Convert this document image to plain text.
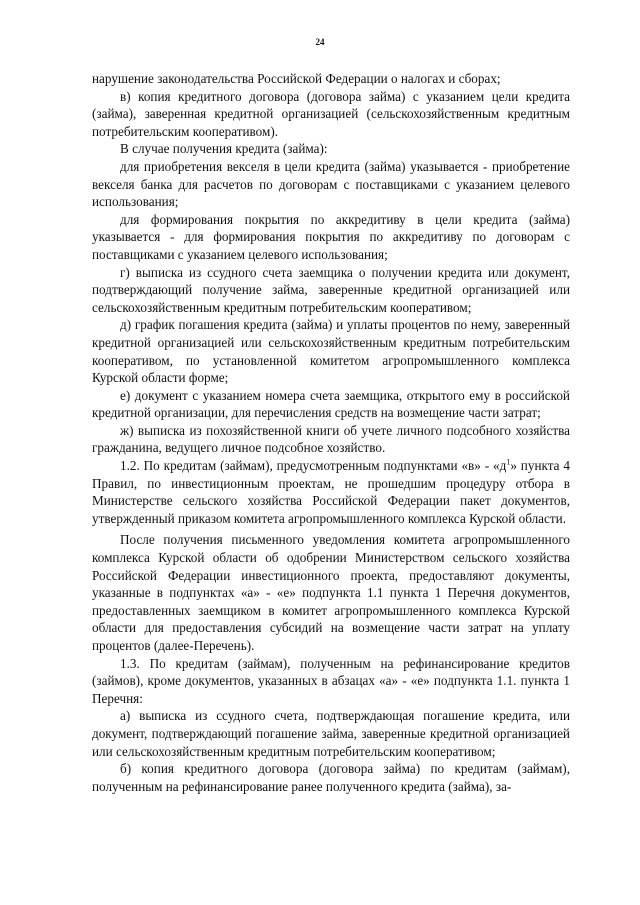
24

нарушение законодательства Российской Федерации о налогах и сборах;

в) копия кредитного договора (договора займа) с указанием цели кредита (займа), заверенная кредитной организацией (сельскохозяйственным кредитным потребительским кооперативом).

В случае получения кредита (займа):

для приобретения векселя в цели кредита (займа) указывается - приобретение векселя банка для расчетов по договорам с поставщиками с указанием целевого использования;

для формирования покрытия по аккредитиву в цели кредита (займа) указывается - для формирования покрытия по аккредитиву по договорам с поставщиками с указанием целевого использования;

г) выписка из ссудного счета заемщика о получении кредита или документ, подтверждающий получение займа, заверенные кредитной организацией или сельскохозяйственным кредитным потребительским кооперативом;

д) график погашения кредита (займа) и уплаты процентов по нему, заверенный кредитной организацией или сельскохозяйственным кредитным потребительским кооперативом, по установленной комитетом агропромышленного комплекса Курской области форме;

е) документ с указанием номера счета заемщика, открытого ему в российской кредитной организации, для перечисления средств на возмещение части затрат;

ж) выписка из похозяйственной книги об учете личного подсобного хозяйства гражданина, ведущего личное подсобное хозяйство.

1.2. По кредитам (займам), предусмотренным подпунктами «в» - «$д^1$» пункта 4 Правил, по инвестиционным проектам, не прошедшим процедуру отбора в Министерстве сельского хозяйства Российской Федерации пакет документов, утвержденный приказом комитета агропромышленного комплекса Курской области.

После получения письменного уведомления комитета агропромышленного комплекса Курской области об одобрении Министерством сельского хозяйства Российской Федерации инвестиционного проекта, предоставляют документы, указанные в подпунктах «а» - «е» подпункта 1.1 пункта 1 Перечня документов, предоставленных заемщиком в комитет агропромышленного комплекса Курской области для предоставления субсидий на возмещение части затрат на уплату процентов (далее-Перечень).

1.3. По кредитам (займам), полученным на рефинансирование кредитов (займов), кроме документов, указанных в абзацах «а» - «е» подпункта 1.1. пункта 1 Перечня:

а) выписка из ссудного счета, подтверждающая погашение кредита, или документ, подтверждающий погашение займа, заверенные кредитной организацией или сельскохозяйственным кредитным потребительским кооперативом;

б) копия кредитного договора (договора займа) по кредитам (займам), полученным на рефинансирование ранее полученного кредита (займа), за-
